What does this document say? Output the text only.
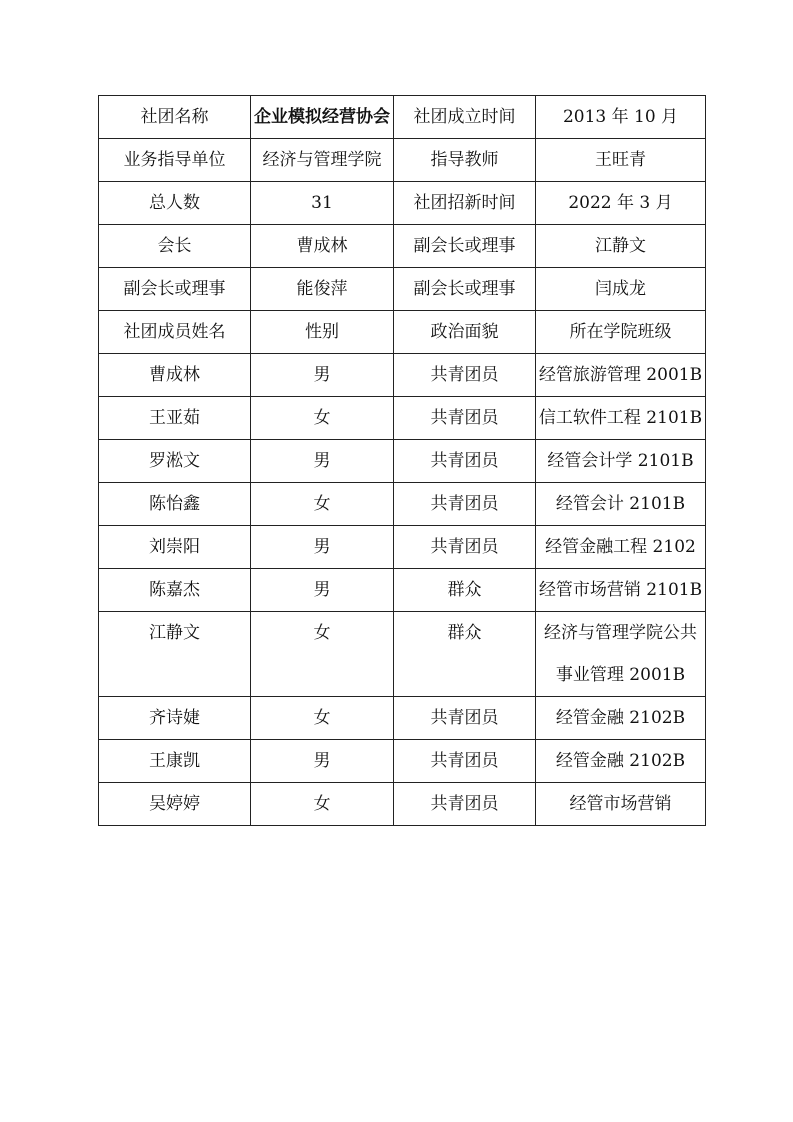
社团名称	企业模拟经营协会	社团成立时间	2013 年 10 月
业务指导单位	经济与管理学院	指导教师	王旺青
总人数	31	社团招新时间	2022 年 3 月
会长	曹成林	副会长或理事	江静文
副会长或理事	能俊萍	副会长或理事	闫成龙
社团成员姓名	性别	政治面貌	所在学院班级
曹成林	男	共青团员	经管旅游管理 2001B
王亚茹	女	共青团员	信工软件工程 2101B
罗淞文	男	共青团员	经管会计学 2101B
陈怡鑫	女	共青团员	经管会计 2101B
刘崇阳	男	共青团员	经管金融工程 2102
陈嘉杰	男	群众	经管市场营销 2101B
江静文	女	群众	经济与管理学院公共事业管理 2001B
齐诗婕	女	共青团员	经管金融 2102B
王康凯	男	共青团员	经管金融 2102B
吴婷婷	女	共青团员	经管市场营销
